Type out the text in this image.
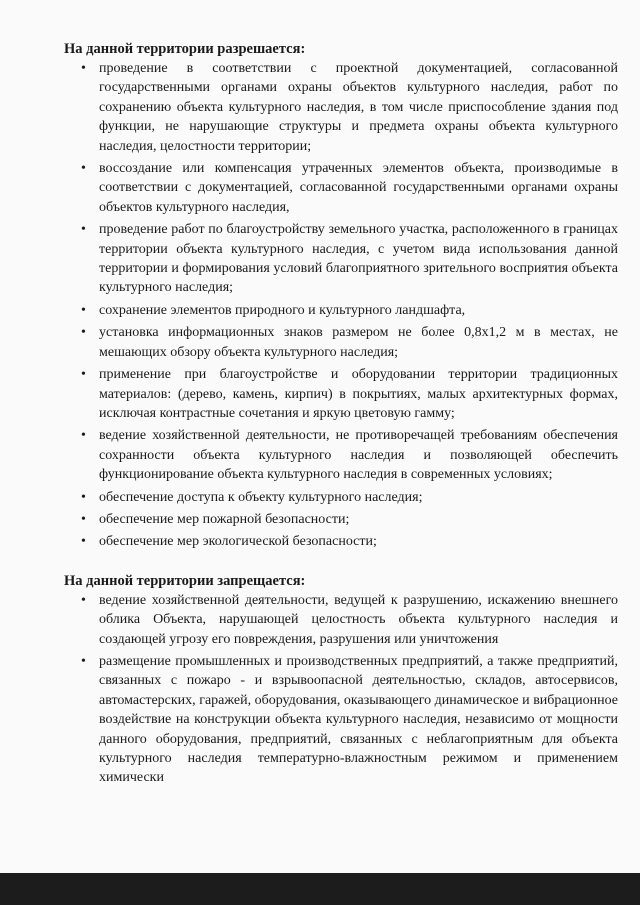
На данной территории разрешается:
• проведение в соответствии с проектной документацией, согласованной государственными органами охраны объектов культурного наследия, работ по сохранению объекта культурного наследия, в том числе приспособление здания под функции, не нарушающие структуры и предмета охраны объекта культурного наследия, целостности территории;
• воссоздание или компенсация утраченных элементов объекта, производимые в соответствии с документацией, согласованной государственными органами охраны объектов культурного наследия,
• проведение работ по благоустройству земельного участка, расположенного в границах территории объекта культурного наследия, с учетом вида использования данной территории и формирования условий благоприятного зрительного восприятия объекта культурного наследия;
• сохранение элементов природного и культурного ландшафта,
• установка информационных знаков размером не более 0,8х1,2 м в местах, не мешающих обзору объекта культурного наследия;
• применение при благоустройстве и оборудовании территории традиционных материалов: (дерево, камень, кирпич) в покрытиях, малых архитектурных формах, исключая контрастные сочетания и яркую цветовую гамму;
• ведение хозяйственной деятельности, не противоречащей требованиям обеспечения сохранности объекта культурного наследия и позволяющей обеспечить функционирование объекта культурного наследия в современных условиях;
• обеспечение доступа к объекту культурного наследия;
• обеспечение мер пожарной безопасности;
• обеспечение мер экологической безопасности;
На данной территории запрещается:
• ведение хозяйственной деятельности, ведущей к разрушению, искажению внешнего облика Объекта, нарушающей целостность объекта культурного наследия и создающей угрозу его повреждения, разрушения или уничтожения
• размещение промышленных и производственных предприятий, а также предприятий, связанных с пожаро - и взрывоопасной деятельностью, складов, автосервисов, автомастерских, гаражей, оборудования, оказывающего динамическое и вибрационное воздействие на конструкции объекта культурного наследия, независимо от мощности данного оборудования, предприятий, связанных с неблагоприятным для объекта культурного наследия температурно-влажностным режимом и применением химически
